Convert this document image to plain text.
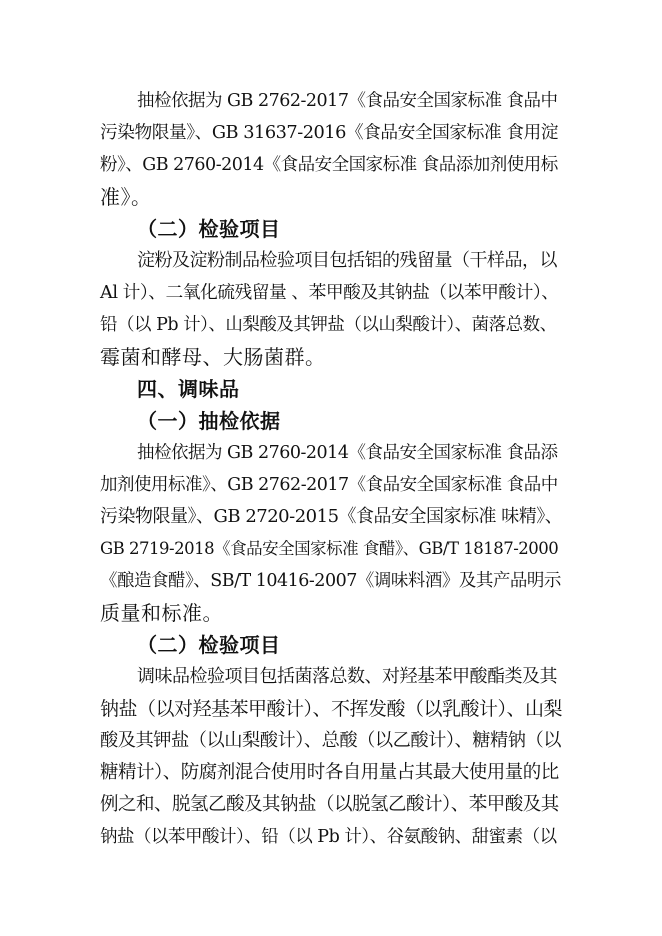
抽检依据为 GB 2762-2017《食品安全国家标准 食品中
污染物限量》、GB 31637-2016《食品安全国家标准 食用淀
粉》、GB 2760-2014《食品安全国家标准 食品添加剂使用标
准》。
（二）检验项目
淀粉及淀粉制品检验项目包括铝的残留量（干样品，以
Al 计）、二氧化硫残留量 、苯甲酸及其钠盐（以苯甲酸计）、
铅（以 Pb 计）、山梨酸及其钾盐（以山梨酸计）、菌落总数、
霉菌和酵母、大肠菌群。
四、调味品
（一）抽检依据
抽检依据为 GB 2760-2014《食品安全国家标准 食品添
加剂使用标准》、GB 2762-2017《食品安全国家标准 食品中
污染物限量》、GB 2720-2015《食品安全国家标准 味精》、
GB 2719-2018《食品安全国家标准 食醋》、GB/T 18187-2000
《酿造食醋》、SB/T 10416-2007《调味料酒》及其产品明示
质量和标准。
（二）检验项目
调味品检验项目包括菌落总数、对羟基苯甲酸酯类及其
钠盐（以对羟基苯甲酸计）、不挥发酸（以乳酸计）、山梨
酸及其钾盐（以山梨酸计）、总酸（以乙酸计）、糖精钠（以
糖精计）、防腐剂混合使用时各自用量占其最大使用量的比
例之和、脱氢乙酸及其钠盐（以脱氢乙酸计）、苯甲酸及其
钠盐（以苯甲酸计）、铅（以 Pb 计）、谷氨酸钠、甜蜜素（以
